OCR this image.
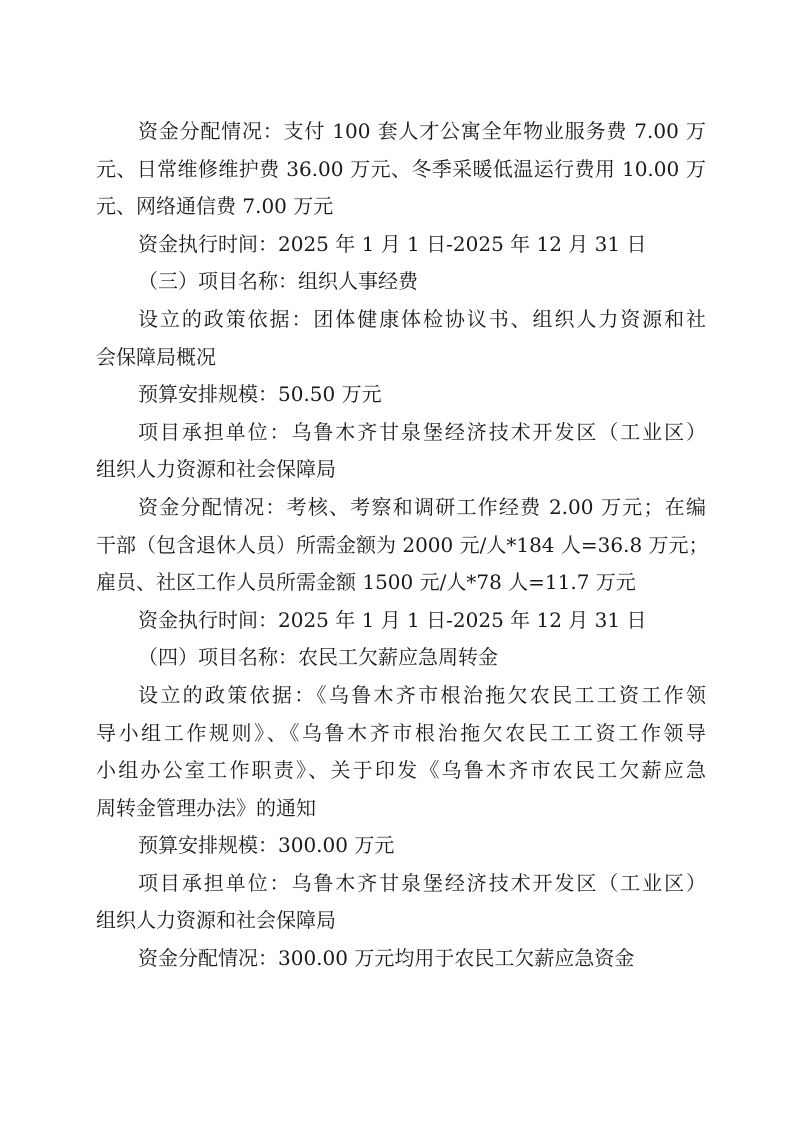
资金分配情况：支付 100 套人才公寓全年物业服务费 7.00 万
元、日常维修维护费 36.00 万元、冬季采暖低温运行费用 10.00 万
元、网络通信费 7.00 万元
资金执行时间：2025 年 1 月 1 日-2025 年 12 月 31 日
（三）项目名称：组织人事经费
设立的政策依据：团体健康体检协议书、组织人力资源和社
会保障局概况
预算安排规模：50.50 万元
项目承担单位：乌鲁木齐甘泉堡经济技术开发区（工业区）
组织人力资源和社会保障局
资金分配情况：考核、考察和调研工作经费 2.00 万元；在编
干部（包含退休人员）所需金额为 2000 元/人*184 人=36.8 万元；
雇员、社区工作人员所需金额 1500 元/人*78 人=11.7 万元
资金执行时间：2025 年 1 月 1 日-2025 年 12 月 31 日
（四）项目名称：农民工欠薪应急周转金
设立的政策依据：《乌鲁木齐市根治拖欠农民工工资工作领
导小组工作规则》、《乌鲁木齐市根治拖欠农民工工资工作领导
小组办公室工作职责》、关于印发《乌鲁木齐市农民工欠薪应急
周转金管理办法》的通知
预算安排规模：300.00 万元
项目承担单位：乌鲁木齐甘泉堡经济技术开发区（工业区）
组织人力资源和社会保障局
资金分配情况：300.00 万元均用于农民工欠薪应急资金
